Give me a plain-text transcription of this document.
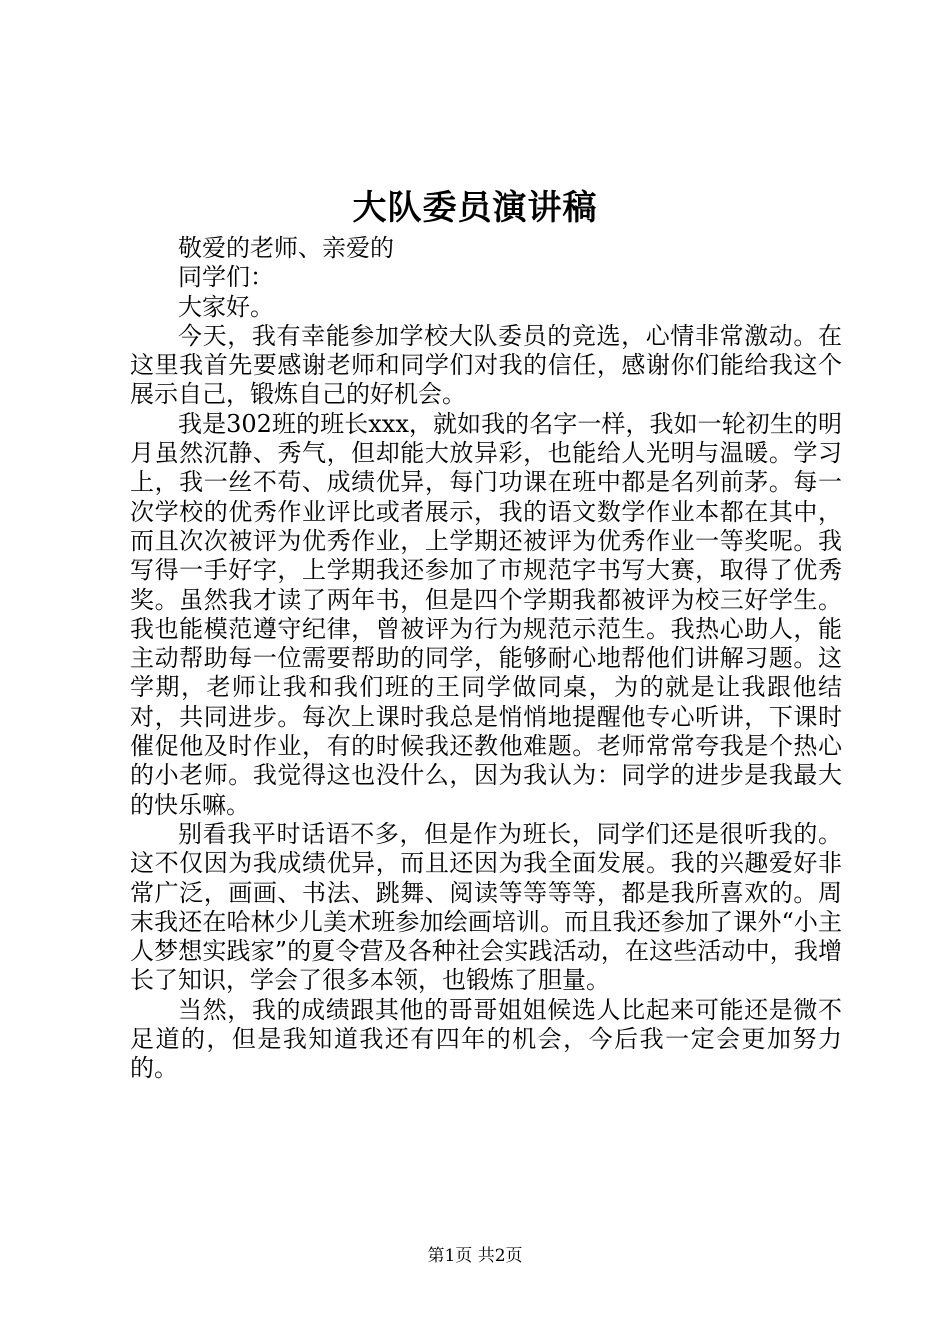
大队委员演讲稿

敬爱的老师、亲爱的

同学们：

大家好。

今天，我有幸能参加学校大队委员的竞选，心情非常激动。在这里我首先要感谢老师和同学们对我的信任，感谢你们能给我这个展示自己，锻炼自己的好机会。

我是302班的班长xxx，就如我的名字一样，我如一轮初生的明月虽然沉静、秀气，但却能大放异彩，也能给人光明与温暖。学习上，我一丝不苟、成绩优异，每门功课在班中都是名列前茅。每一次学校的优秀作业评比或者展示，我的语文数学作业本都在其中，而且次次被评为优秀作业，上学期还被评为优秀作业一等奖呢。我写得一手好字，上学期我还参加了市规范字书写大赛，取得了优秀奖。虽然我才读了两年书，但是四个学期我都被评为校三好学生。我也能模范遵守纪律，曾被评为行为规范示范生。我热心助人，能主动帮助每一位需要帮助的同学，能够耐心地帮他们讲解习题。这学期，老师让我和我们班的王同学做同桌，为的就是让我跟他结对，共同进步。每次上课时我总是悄悄地提醒他专心听讲，下课时催促他及时作业，有的时候我还教他难题。老师常常夸我是个热心的小老师。我觉得这也没什么，因为我认为：同学的进步是我最大的快乐嘛。

别看我平时话语不多，但是作为班长，同学们还是很听我的。这不仅因为我成绩优异，而且还因为我全面发展。我的兴趣爱好非常广泛，画画、书法、跳舞、阅读等等等等，都是我所喜欢的。周末我还在哈林少儿美术班参加绘画培训。而且我还参加了课外“小主人梦想实践家”的夏令营及各种社会实践活动，在这些活动中，我增长了知识，学会了很多本领，也锻炼了胆量。

当然，我的成绩跟其他的哥哥姐姐候选人比起来可能还是微不足道的，但是我知道我还有四年的机会，今后我一定会更加努力的。

第1页 共2页
